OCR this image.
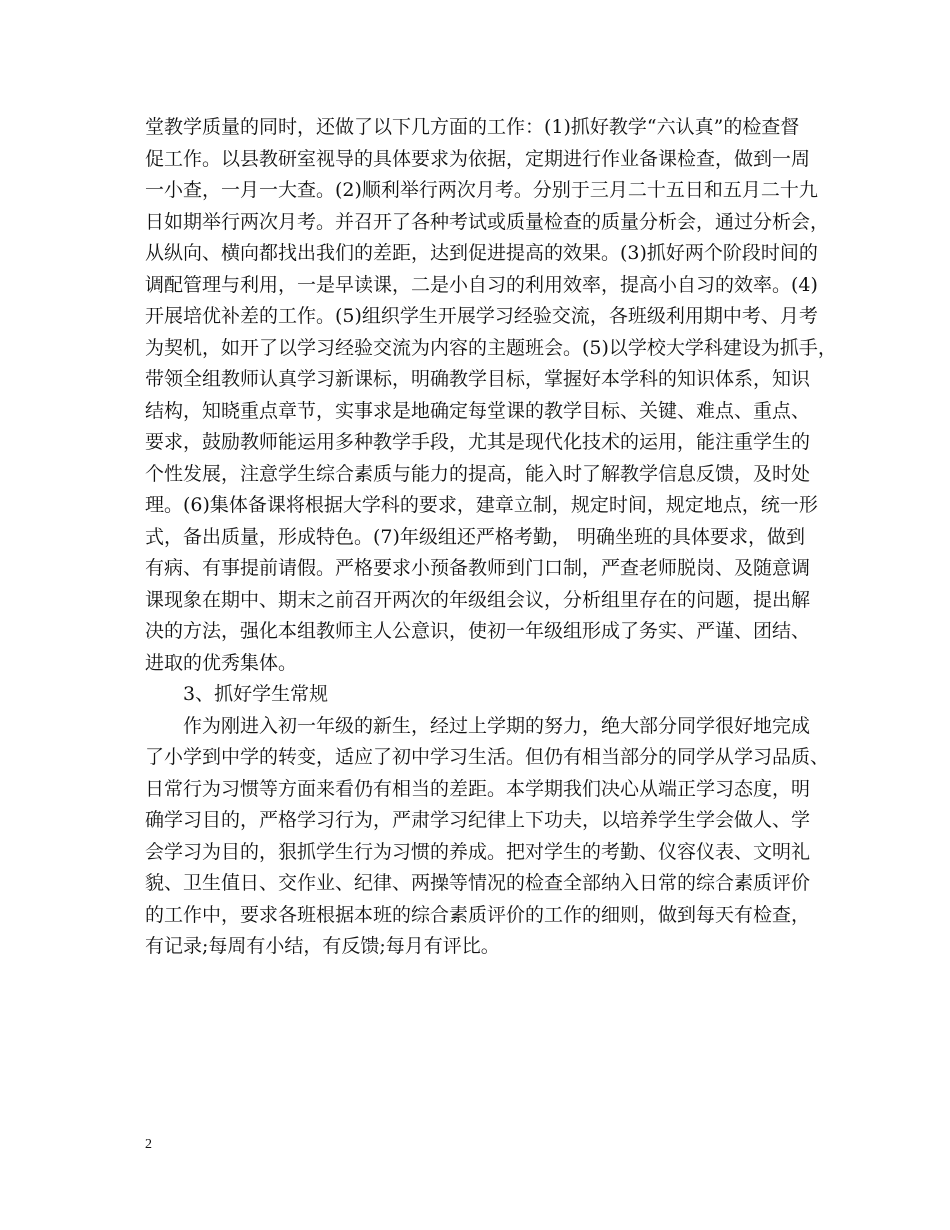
堂教学质量的同时，还做了以下几方面的工作：(1)抓好教学“六认真”的检查督
促工作。以县教研室视导的具体要求为依据，定期进行作业备课检查，做到一周
一小查，一月一大查。(2)顺利举行两次月考。分别于三月二十五日和五月二十九
日如期举行两次月考。并召开了各种考试或质量检查的质量分析会，通过分析会，
从纵向、横向都找出我们的差距，达到促进提高的效果。(3)抓好两个阶段时间的
调配管理与利用，一是早读课，二是小自习的利用效率，提高小自习的效率。(4)
开展培优补差的工作。(5)组织学生开展学习经验交流，各班级利用期中考、月考
为契机，如开了以学习经验交流为内容的主题班会。(5)以学校大学科建设为抓手，
带领全组教师认真学习新课标，明确教学目标，掌握好本学科的知识体系，知识
结构，知晓重点章节，实事求是地确定每堂课的教学目标、关键、难点、重点、
要求，鼓励教师能运用多种教学手段，尤其是现代化技术的运用，能注重学生的
个性发展，注意学生综合素质与能力的提高，能入时了解教学信息反馈，及时处
理。(6)集体备课将根据大学科的要求，建章立制，规定时间，规定地点，统一形
式，备出质量，形成特色。(7)年级组还严格考勤， 明确坐班的具体要求，做到
有病、有事提前请假。严格要求小预备教师到门口制，严查老师脱岗、及随意调
课现象在期中、期末之前召开两次的年级组会议，分析组里存在的问题，提出解
决的方法，强化本组教师主人公意识，使初一年级组形成了务实、严谨、团结、
进取的优秀集体。
　　3、抓好学生常规
　　作为刚进入初一年级的新生，经过上学期的努力，绝大部分同学很好地完成
了小学到中学的转变，适应了初中学习生活。但仍有相当部分的同学从学习品质、
日常行为习惯等方面来看仍有相当的差距。本学期我们决心从端正学习态度，明
确学习目的，严格学习行为，严肃学习纪律上下功夫，以培养学生学会做人、学
会学习为目的，狠抓学生行为习惯的养成。把对学生的考勤、仪容仪表、文明礼
貌、卫生值日、交作业、纪律、两操等情况的检查全部纳入日常的综合素质评价
的工作中，要求各班根据本班的综合素质评价的工作的细则，做到每天有检查，
有记录;每周有小结，有反馈;每月有评比。
2
